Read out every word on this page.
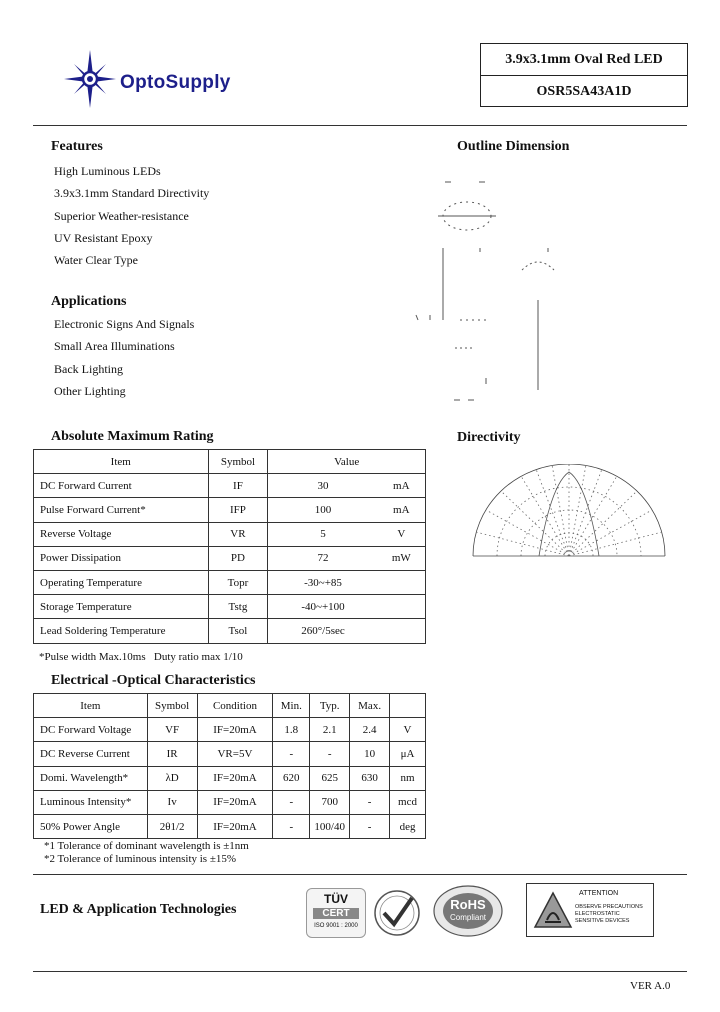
OptoSupply
3.9x3.1mm Oval Red LED
OSR5SA43A1D
Features
High Luminous LEDs
3.9x3.1mm Standard Directivity
Superior Weather-resistance
UV Resistant Epoxy
Water Clear Type
Applications
Electronic Signs And Signals
Small Area Illuminations
Back Lighting
Other Lighting
Outline Dimension
Directivity
Absolute Maximum Rating
Item	Symbol	Value	
DC Forward Current	IF	30	mA
Pulse Forward Current*	IFP	100	mA
Reverse Voltage	VR	5	V
Power Dissipation	PD	72	mW
Operating Temperature	Topr	-30~+85	
Storage Temperature	Tstg	-40~+100	
Lead Soldering Temperature	Tsol	260°/5sec	
*Pulse width Max.10ms   Duty ratio max 1/10
Electrical -Optical Characteristics
Item	Symbol	Condition	Min.	Typ.	Max.	
DC Forward Voltage	VF	IF=20mA	1.8	2.1	2.4	V
DC Reverse Current	IR	VR=5V	-	-	10	μA
Domi. Wavelength*	λD	IF=20mA	620	625	630	nm
Luminous Intensity*	Iv	IF=20mA	-	700	-	mcd
50% Power Angle	2θ1/2	IF=20mA	-	100/40	-	deg
*1 Tolerance of dominant wavelength is ±1nm
*2 Tolerance of luminous intensity is ±15%
LED & Application Technologies
TÜV
CERT
ISO 9001 : 2000
RoHS
Compliant
ATTENTION
OBSERVE PRECAUTIONS
ELECTROSTATIC
SENSITIVE DEVICES
VER A.0
